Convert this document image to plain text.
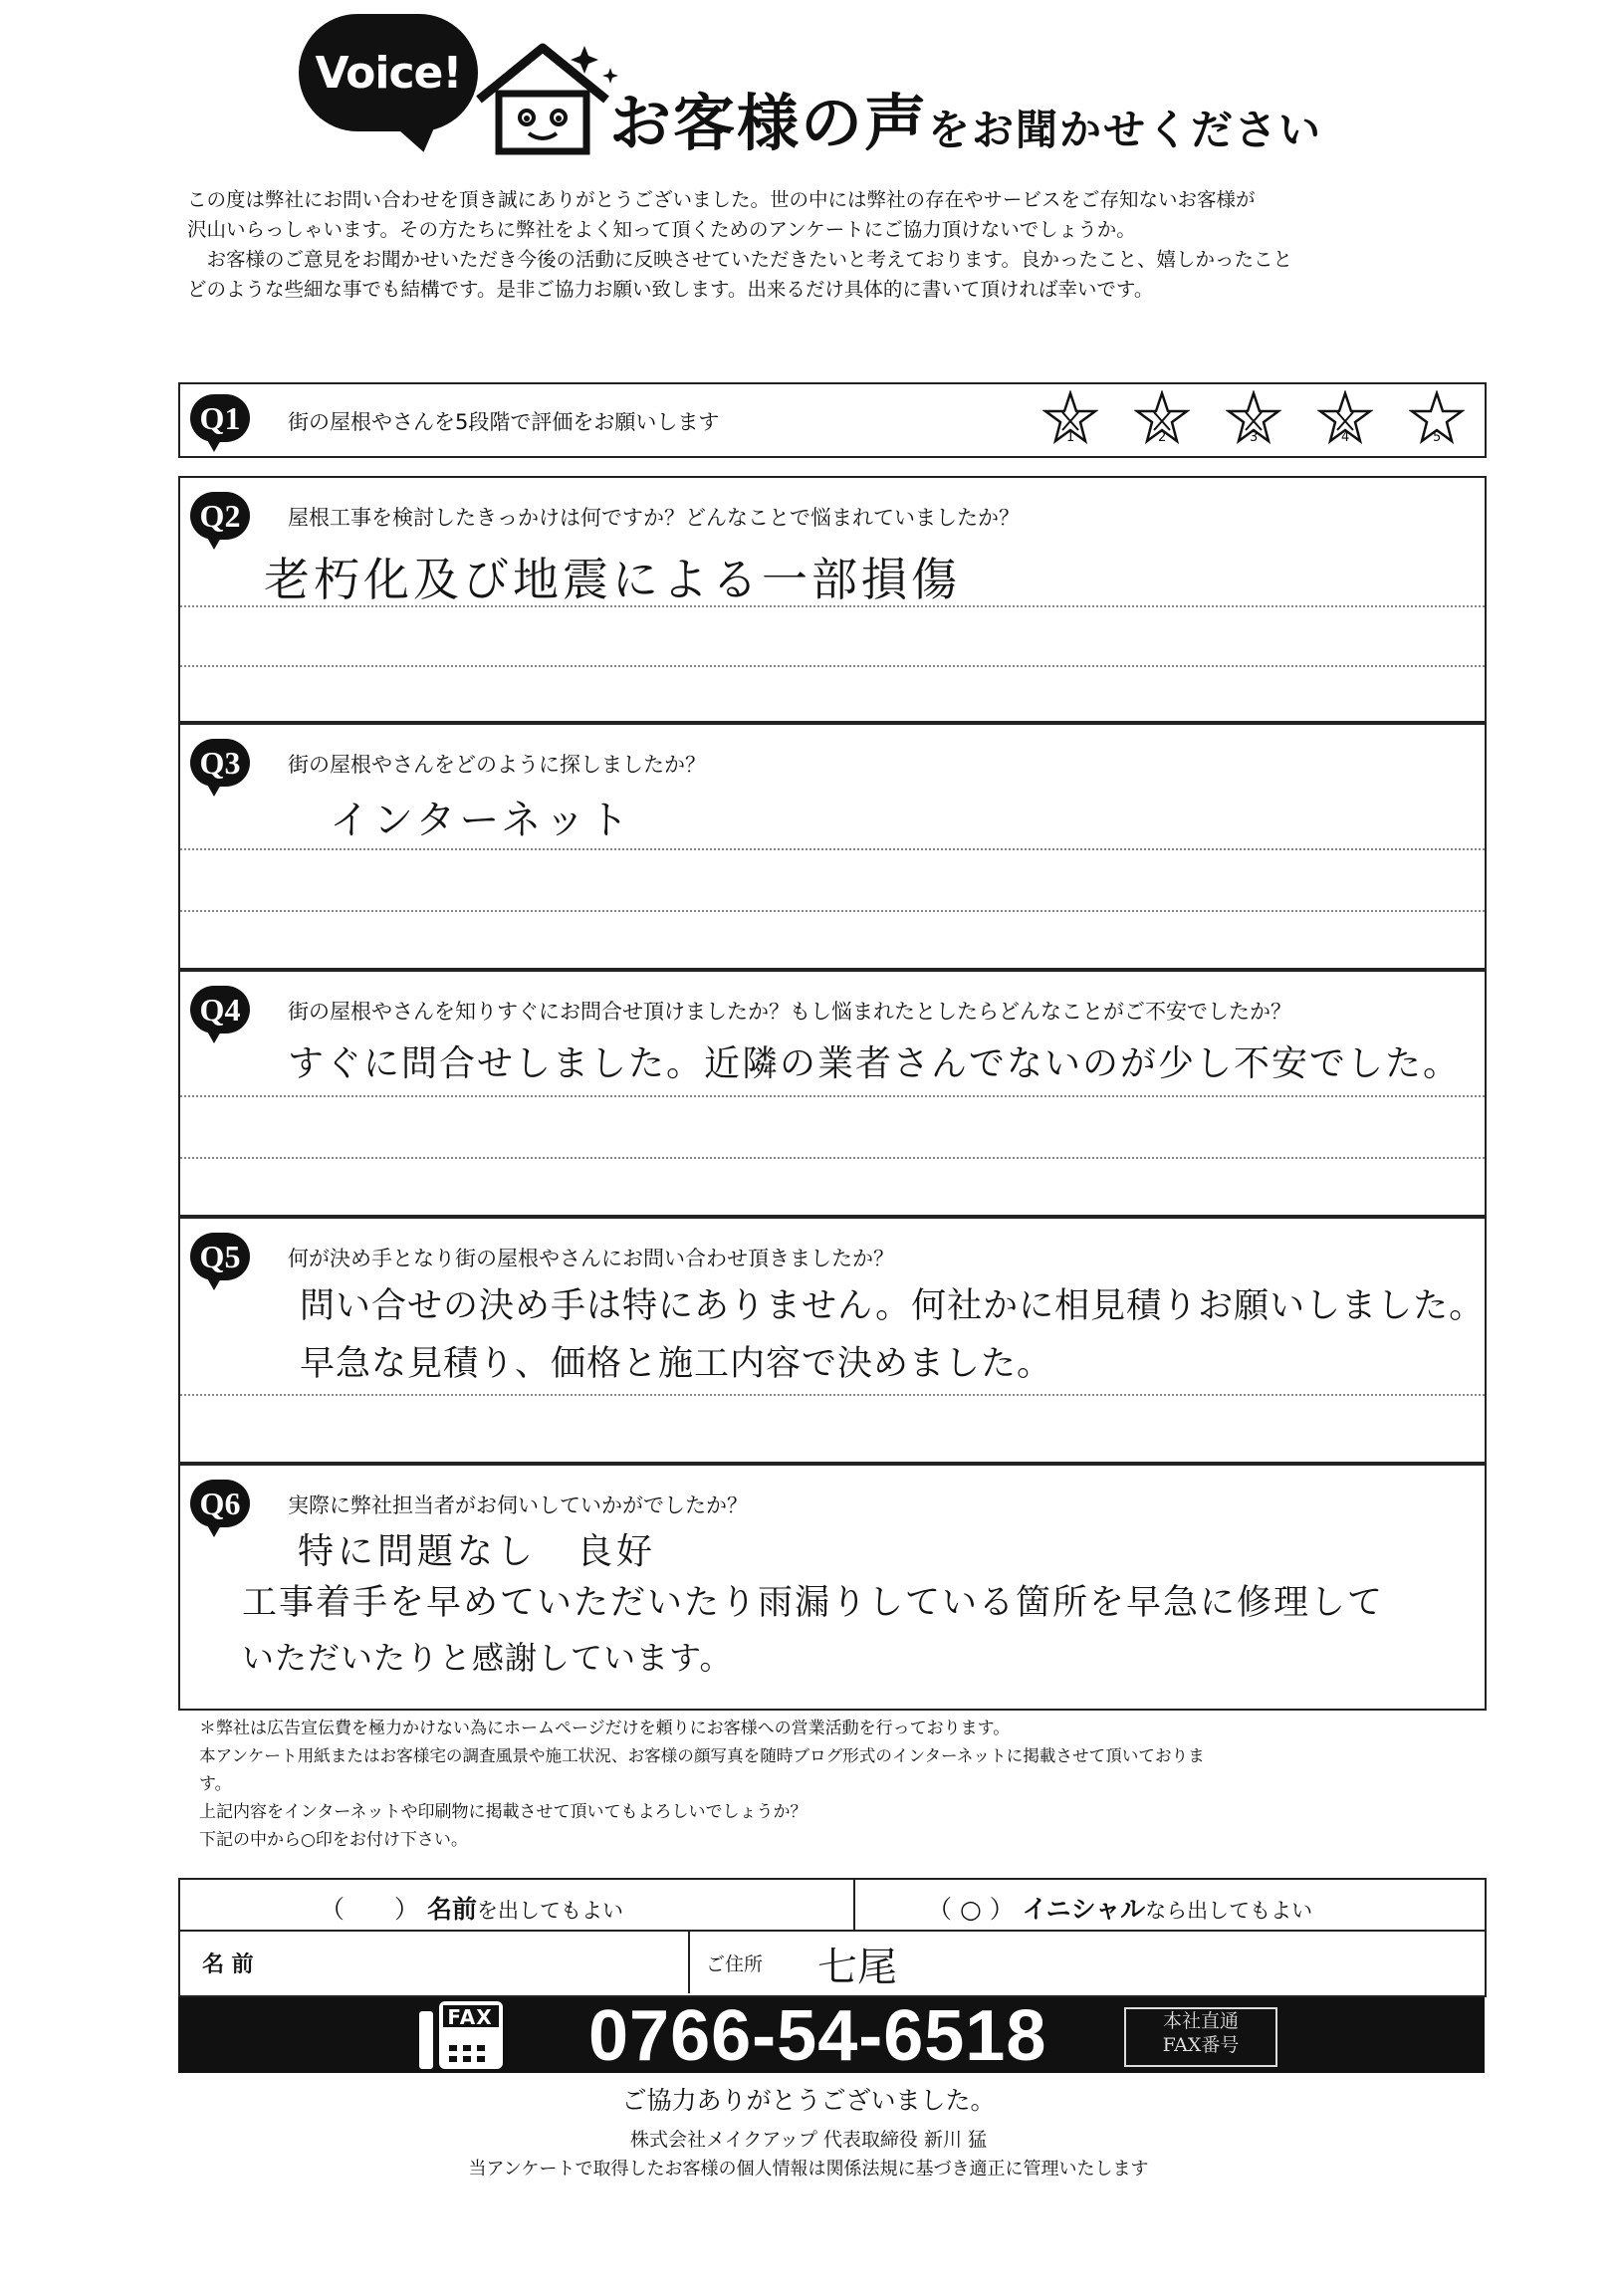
Voice!
お客様の声をお聞かせください

この度は弊社にお問い合わせを頂き誠にありがとうございました。世の中には弊社の存在やサービスをご存知ないお客様が

沢山いらっしゃいます。その方たちに弊社をよく知って頂くためのアンケートにご協力頂けないでしょうか。

お客様のご意見をお聞かせいただき今後の活動に反映させていただきたいと考えております。良かったこと、嬉しかったこと

どのような些細な事でも結構です。是非ご協力お願い致します。出来るだけ具体的に書いて頂ければ幸いです。

Q1	街の屋根やさんを5段階で評価をお願いします
1	2	3	4	5
Q2	屋根工事を検討したきっかけは何ですか？どんなことで悩まれていましたか？
老朽化及び地震による一部損傷
Q3	街の屋根やさんをどのように探しましたか？
インターネット
Q4	街の屋根やさんを知りすぐにお問合せ頂けましたか？もし悩まれたとしたらどんなことがご不安でしたか？
すぐに問合せしました。近隣の業者さんでないのが少し不安でした。
Q5	何が決め手となり街の屋根やさんにお問い合わせ頂きましたか？
問い合せの決め手は特にありません。何社かに相見積りお願いしました。
早急な見積り、価格と施工内容で決めました。
Q6	実際に弊社担当者がお伺いしていかがでしたか？
特に問題なし　良好
工事着手を早めていただいたり雨漏りしている箇所を早急に修理して
いただいたりと感謝しています。
＊弊社は広告宣伝費を極力かけない為にホームページだけを頼りにお客様への営業活動を行っております。
本アンケート用紙またはお客様宅の調査風景や施工状況、お客様の顔写真を随時ブログ形式のインターネットに掲載させて頂いておりま
す。
上記内容をインターネットや印刷物に掲載させて頂いてもよろしいでしょうか？
下記の中から○印をお付け下さい。
（　　） 名前を出してもよい	（ ○ ） イニシャルなら出してもよい
名 前	ご住所 七尾
FAX 0766-54-6518	本社直通
FAX番号
ご協力ありがとうございました。
株式会社メイクアップ 代表取締役 新川 猛
当アンケートで取得したお客様の個人情報は関係法規に基づき適正に管理いたします
